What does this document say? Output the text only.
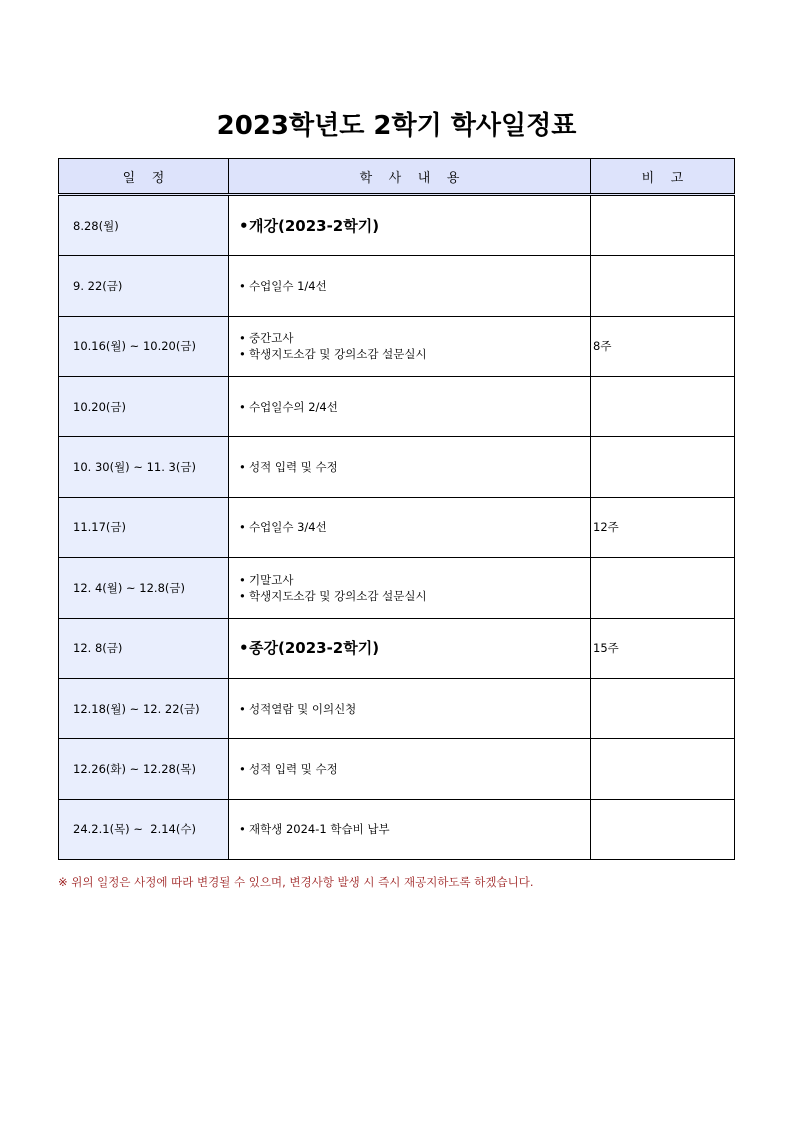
2023학년도 2학기 학사일정표
일    정	학    사    내    용	비    고
8.28(월)	•개강(2023-2학기)	

9. 22(금)	• 수업일수 1/4선	

10.16(월) ~ 10.20(금)	• 중간고사
• 학생지도소감 및 강의소감 설문실시	8주
10.20(금)	• 수업일수의 2/4선	

10. 30(월) ~ 11. 3(금)	• 성적 입력 및 수정	

11.17(금)	• 수업일수 3/4선	12주
12. 4(월) ~ 12.8(금)	• 기말고사
• 학생지도소감 및 강의소감 설문실시	

12. 8(금)	•종강(2023-2학기)	15주
12.18(월) ~ 12. 22(금)	• 성적열람 및 이의신청	

12.26(화) ~ 12.28(목)	• 성적 입력 및 수정	

24.2.1(목) ~  2.14(수)	• 재학생 2024-1 학습비 납부	

※ 위의 일정은 사정에 따라 변경될 수 있으며, 변경사항 발생 시 즉시 재공지하도록 하겠습니다.
